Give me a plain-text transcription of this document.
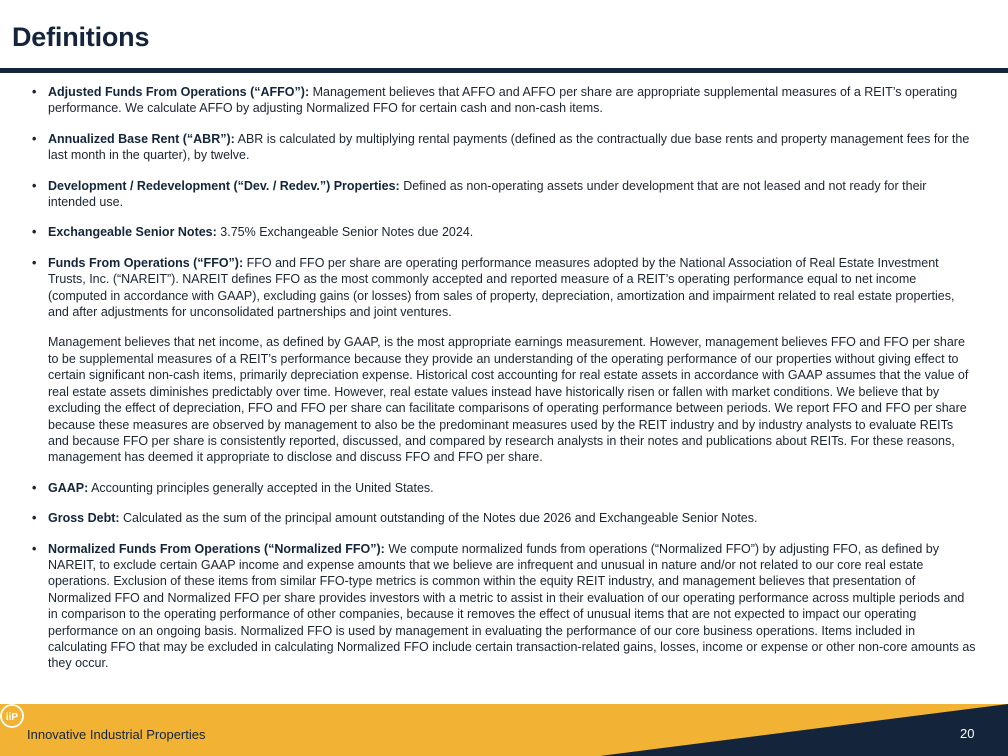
Definitions
• Adjusted Funds From Operations (“AFFO”): Management believes that AFFO and AFFO per share are appropriate supplemental measures of a REIT’s operating performance. We calculate AFFO by adjusting Normalized FFO for certain cash and non-cash items.
• Annualized Base Rent (“ABR”): ABR is calculated by multiplying rental payments (defined as the contractually due base rents and property management fees for the last month in the quarter), by twelve.
• Development / Redevelopment (“Dev. / Redev.”) Properties: Defined as non-operating assets under development that are not leased and not ready for their intended use.
• Exchangeable Senior Notes: 3.75% Exchangeable Senior Notes due 2024.
• Funds From Operations (“FFO”): FFO and FFO per share are operating performance measures adopted by the National Association of Real Estate Investment Trusts, Inc. (“NAREIT”). NAREIT defines FFO as the most commonly accepted and reported measure of a REIT’s operating performance equal to net income (computed in accordance with GAAP), excluding gains (or losses) from sales of property, depreciation, amortization and impairment related to real estate properties, and after adjustments for unconsolidated partnerships and joint ventures.
Management believes that net income, as defined by GAAP, is the most appropriate earnings measurement. However, management believes FFO and FFO per share to be supplemental measures of a REIT’s performance because they provide an understanding of the operating performance of our properties without giving effect to certain significant non-cash items, primarily depreciation expense. Historical cost accounting for real estate assets in accordance with GAAP assumes that the value of real estate assets diminishes predictably over time. However, real estate values instead have historically risen or fallen with market conditions. We believe that by excluding the effect of depreciation, FFO and FFO per share can facilitate comparisons of operating performance between periods. We report FFO and FFO per share because these measures are observed by management to also be the predominant measures used by the REIT industry and by industry analysts to evaluate REITs and because FFO per share is consistently reported, discussed, and compared by research analysts in their notes and publications about REITs. For these reasons, management has deemed it appropriate to disclose and discuss FFO and FFO per share.
• GAAP: Accounting principles generally accepted in the United States.
• Gross Debt: Calculated as the sum of the principal amount outstanding of the Notes due 2026 and Exchangeable Senior Notes.
• Normalized Funds From Operations (“Normalized FFO”): We compute normalized funds from operations (“Normalized FFO”) by adjusting FFO, as defined by NAREIT, to exclude certain GAAP income and expense amounts that we believe are infrequent and unusual in nature and/or not related to our core real estate operations. Exclusion of these items from similar FFO-type metrics is common within the equity REIT industry, and management believes that presentation of Normalized FFO and Normalized FFO per share provides investors with a metric to assist in their evaluation of our operating performance across multiple periods and in comparison to the operating performance of other companies, because it removes the effect of unusual items that are not expected to impact our operating performance on an ongoing basis. Normalized FFO is used by management in evaluating the performance of our core business operations. Items included in calculating FFO that may be excluded in calculating Normalized FFO include certain transaction-related gains, losses, income or expense or other non-core amounts as they occur.
Innovative Industrial Properties
iiP
20
